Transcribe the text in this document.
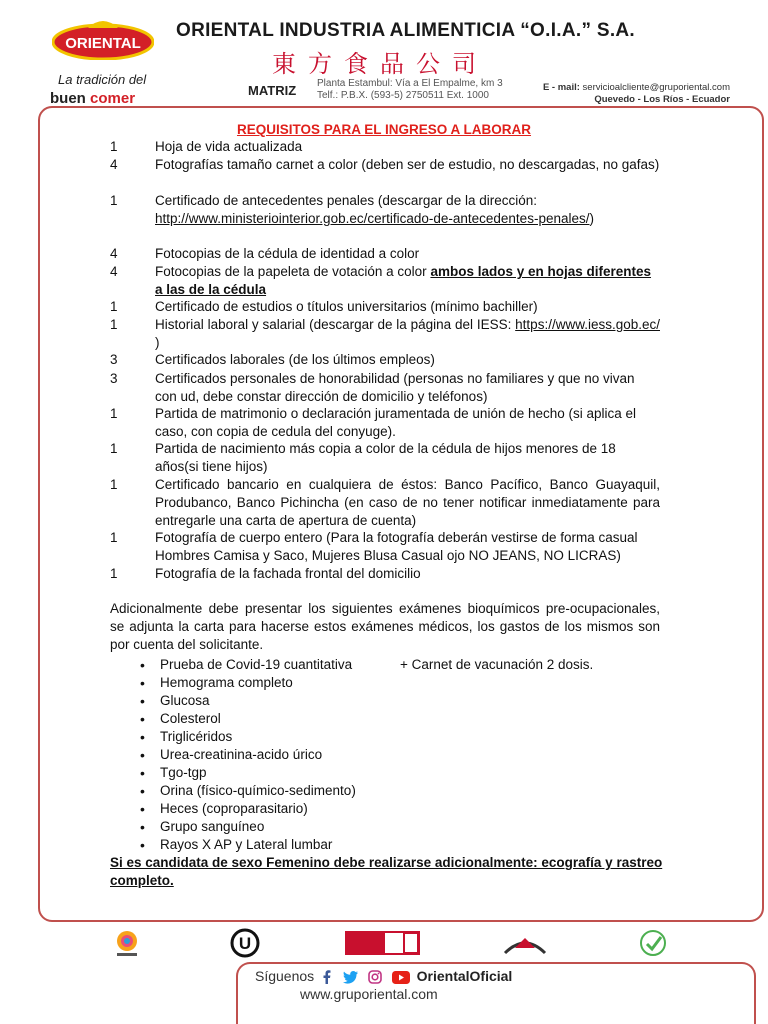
ORIENTAL
La tradición del
buen comer
ORIENTAL INDUSTRIA ALIMENTICIA “O.I.A.” S.A.
東方食品公司
MATRIZ Planta Estambul: Vía a El Empalme, km 3
Telf.: P.B.X. (593-5) 2750511 Ext. 1000
E - mail: servicioalcliente@gruporiental.com
Quevedo - Los Ríos - Ecuador
REQUISITOS PARA EL INGRESO A LABORAR
1	Hoja de vida actualizada
4	Fotografías tamaño carnet a color (deben ser de estudio, no descargadas, no gafas)
1	Certificado de antecedentes penales (descargar de la dirección: http://www.ministeriointerior.gob.ec/certificado-de-antecedentes-penales/)
4	Fotocopias de la cédula de identidad a color
4	Fotocopias de la papeleta de votación a color ambos lados y en hojas diferentes a las de la cédula
1	Certificado de estudios o títulos universitarios (mínimo bachiller)
1	Historial laboral y salarial (descargar de la página del IESS: https://www.iess.gob.ec/ )
3	Certificados laborales (de los últimos empleos)
3	Certificados personales de honorabilidad (personas no familiares y que no vivan con ud, debe constar dirección de domicilio y teléfonos)
1	Partida de matrimonio o declaración juramentada de unión de hecho (si aplica el caso, con copia de cedula del conyuge).
1	Partida de nacimiento más copia a color de la cédula de hijos menores de 18 años(si tiene hijos)
1	Certificado bancario en cualquiera de éstos: Banco Pacífico, Banco Guayaquil, Produbanco, Banco Pichincha (en caso de no tener notificar inmediatamente para entregarle una carta de apertura de cuenta)
1	Fotografía de cuerpo entero (Para la fotografía deberán vestirse de forma casual Hombres Camisa y Saco, Mujeres Blusa Casual ojo NO JEANS, NO LICRAS)
1	Fotografía de la fachada frontal del domicilio
Adicionalmente debe presentar los siguientes exámenes bioquímicos pre-ocupacionales, se adjunta la carta para hacerse estos exámenes médicos, los gastos de los mismos son por cuenta del solicitante.
• Prueba de Covid-19 cuantitativa	+ Carnet de vacunación 2 dosis.
• Hemograma completo
• Glucosa
• Colesterol
• Triglicéridos
• Urea-creatinina-acido úrico
• Tgo-tgp
• Orina (físico-químico-sedimento)
• Heces (coproparasitario)
• Grupo sanguíneo
• Rayos X AP y Lateral lumbar
Si es candidata de sexo Femenino debe realizarse adicionalmente: ecografía y rastreo completo.
U
Síguenos	OrientalOficial
www.gruporiental.com
